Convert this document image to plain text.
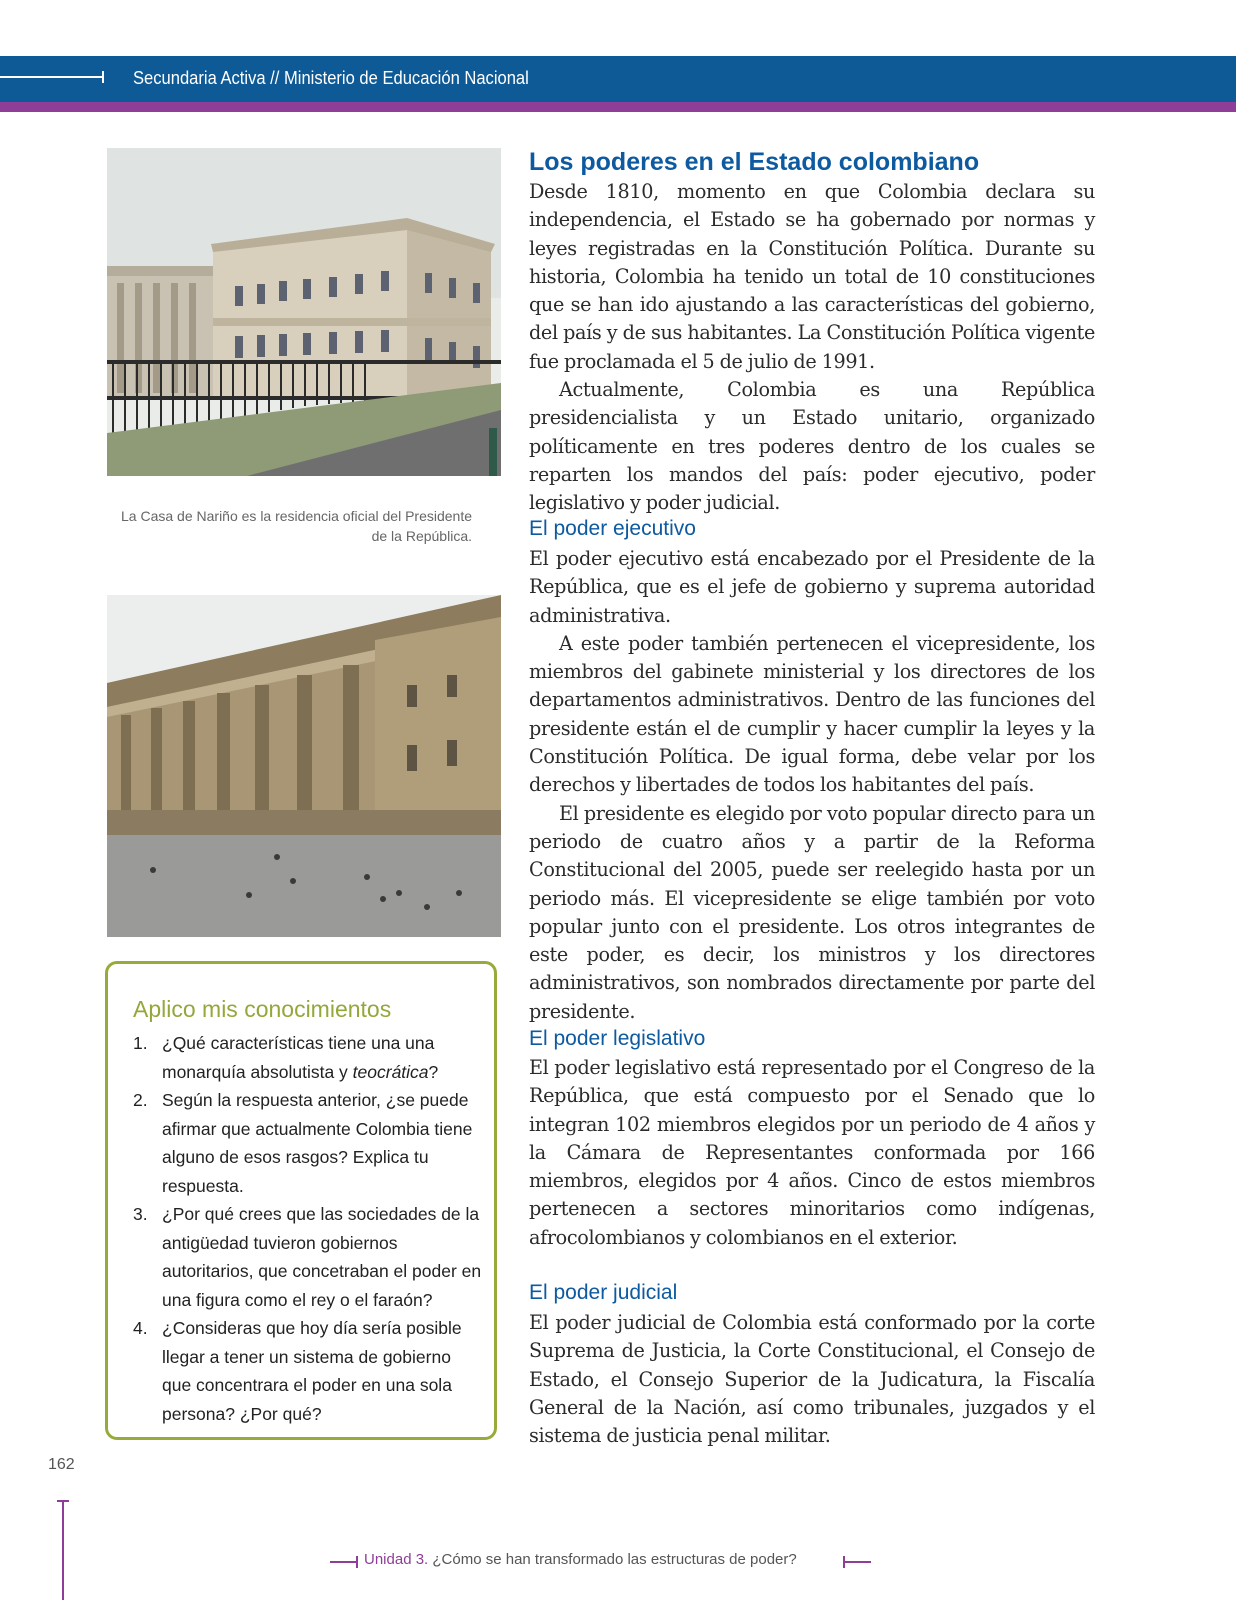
Secundaria Activa // Ministerio de Educación Nacional
La Casa de Nariño es la residencia oficial del Presidente de la República.
Aplico mis conocimientos
1. ¿Qué características tiene una una monarquía absolutista y teocrática?
2. Según la respuesta anterior, ¿se puede afirmar que actualmente Colombia tiene alguno de esos rasgos? Explica tu respuesta.
3. ¿Por qué crees que las sociedades de la antigüedad tuvieron gobiernos autoritarios, que concetraban el poder en una figura como el rey o el faraón?
4. ¿Consideras que hoy día sería posible llegar a tener un sistema de gobierno que concentrara el poder en una sola persona? ¿Por qué?
Los poderes en el Estado colombiano

Desde 1810, momento en que Colombia declara su independencia, el Estado se ha gobernado por normas y leyes registradas en la Constitución Política. Durante su historia, Colombia ha tenido un total de 10 constituciones que se han ido ajustando a las características del gobierno, del país y de sus habitantes. La Constitución Política vigente fue proclamada el 5 de julio de 1991.

Actualmente, Colombia es una República presidencialista y un Estado unitario, organizado políticamente en tres poderes dentro de los cuales se reparten los mandos del país: poder ejecutivo, poder legislativo y poder judicial.

El poder ejecutivo

El poder ejecutivo está encabezado por el Presidente de la República, que es el jefe de gobierno y suprema autoridad administrativa.

A este poder también pertenecen el vicepresidente, los miembros del gabinete ministerial y los directores de los departamentos administrativos. Dentro de las funciones del presidente están el de cumplir y hacer cumplir la leyes y la Constitución Política. De igual forma, debe velar por los derechos y libertades de todos los habitantes del país.

El presidente es elegido por voto popular directo para un periodo de cuatro años y a partir de la Reforma Constitucional del 2005, puede ser reelegido hasta por un periodo más. El vicepresidente se elige también por voto popular junto con el presidente. Los otros integrantes de este poder, es decir, los ministros y los directores administrativos, son nombrados directamente por parte del presidente.

El poder legislativo

El poder legislativo está representado por el Congreso de la República, que está compuesto por el Senado que lo integran 102 miembros elegidos por un periodo de 4 años y la Cámara de Representantes conformada por 166 miembros, elegidos por 4 años. Cinco de estos miembros pertenecen a sectores minoritarios como indígenas, afrocolombianos y colombianos en el exterior.

El poder judicial

El poder judicial de Colombia está conformado por la corte Suprema de Justicia, la Corte Constitucional, el Consejo de Estado, el Consejo Superior de la Judicatura, la Fiscalía General de la Nación, así como tribunales, juzgados y el sistema de justicia penal militar.

162
Unidad 3. ¿Cómo se han transformado las estructuras de poder?
